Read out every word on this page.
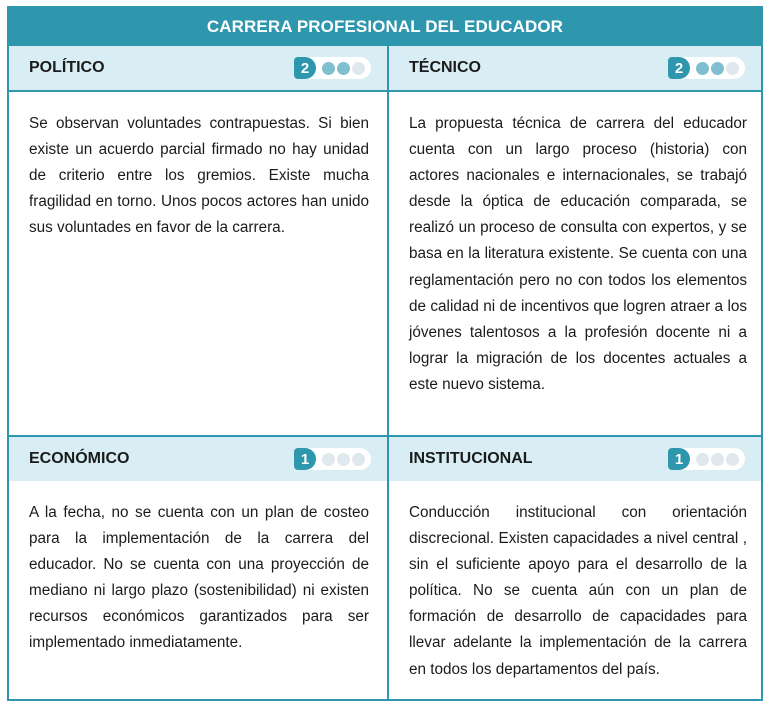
CARRERA PROFESIONAL DEL EDUCADOR
POLÍTICO	2

Se observan voluntades contrapuestas. Si bien existe un acuerdo parcial firmado no hay unidad de criterio entre los gremios. Existe mucha fragilidad en torno. Unos pocos actores han unido sus voluntades en favor de la carrera.

TÉCNICO	2

La propuesta técnica de carrera del educador cuenta con un largo proceso (historia) con actores nacionales e internacionales, se trabajó desde la óptica de educación comparada, se realizó un proceso de consulta con expertos, y se basa en la literatura existente. Se cuenta con una reglamentación pero no con todos los elementos de calidad ni de incentivos que logren atraer a los jóvenes talentosos a la profesión docente ni a lograr la migración de los docentes actuales a este nuevo sistema.

ECONÓMICO	1

A la fecha, no se cuenta con un plan de costeo para la implementación de la carrera del educador. No se cuenta con una proyección de mediano ni largo plazo (sostenibilidad) ni existen recursos económicos garantizados para ser implementado inmediatamente.

INSTITUCIONAL	1

Conducción institucional con orientación discrecional. Existen capacidades a nivel central , sin el suficiente apoyo para el desarrollo de la política. No se cuenta aún con un plan de formación de desarrollo de capacidades para llevar adelante la implementación de la carrera en todos los departamentos del país.
